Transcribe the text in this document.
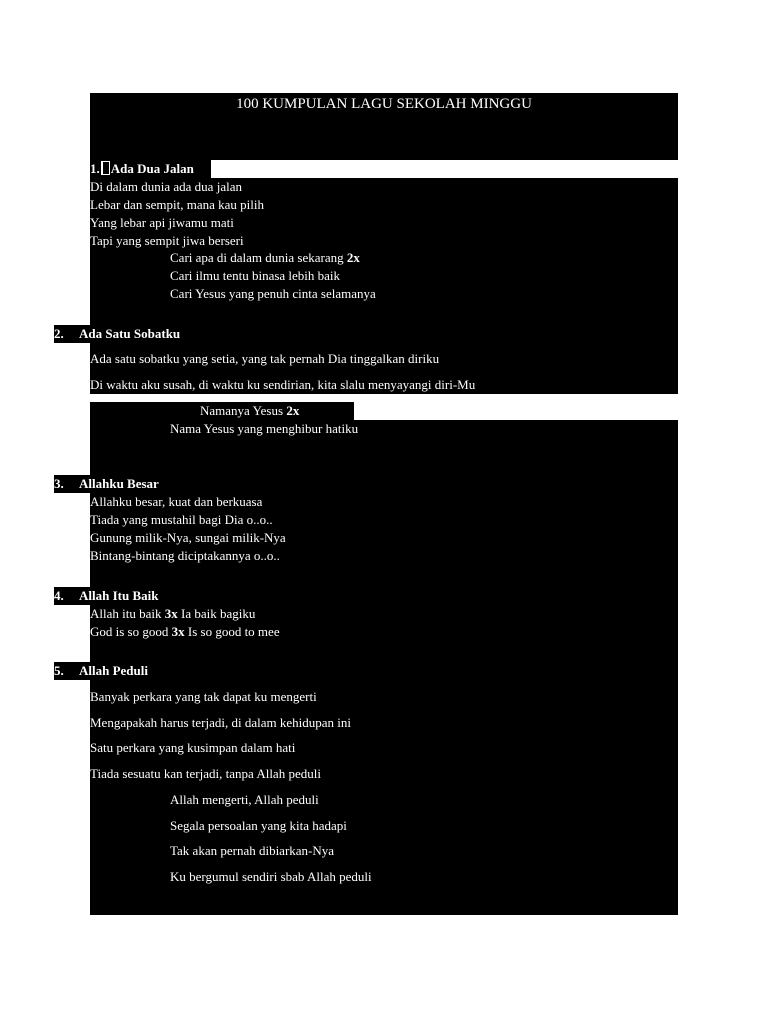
100 KUMPULAN LAGU SEKOLAH MINGGU
1. Ada Dua Jalan
Di dalam dunia ada dua jalan
Lebar dan sempit, mana kau pilih
Yang lebar api jiwamu mati
Tapi yang sempit jiwa berseri
Cari apa di dalam dunia sekarang 2x
Cari ilmu tentu binasa lebih baik
Cari Yesus yang penuh cinta selamanya
2. Ada Satu Sobatku
Ada satu sobatku yang setia, yang tak pernah Dia tinggalkan diriku
Di waktu aku susah, di waktu ku sendirian, kita slalu menyayangi diri-Mu
Namanya Yesus 2x
Nama Yesus yang menghibur hatiku
3. Allahku Besar
Allahku besar, kuat dan berkuasa
Tiada yang mustahil bagi Dia o..o..
Gunung milik-Nya, sungai milik-Nya
Bintang-bintang diciptakannya o..o..
4. Allah Itu Baik
Allah itu baik 3x Ia baik bagiku
God is so good 3x Is so good to mee
5. Allah Peduli
Banyak perkara yang tak dapat ku mengerti
Mengapakah harus terjadi, di dalam kehidupan ini
Satu perkara yang kusimpan dalam hati
Tiada sesuatu kan terjadi, tanpa Allah peduli
Allah mengerti, Allah peduli
Segala persoalan yang kita hadapi
Tak akan pernah dibiarkan-Nya
Ku bergumul sendiri sbab Allah peduli
